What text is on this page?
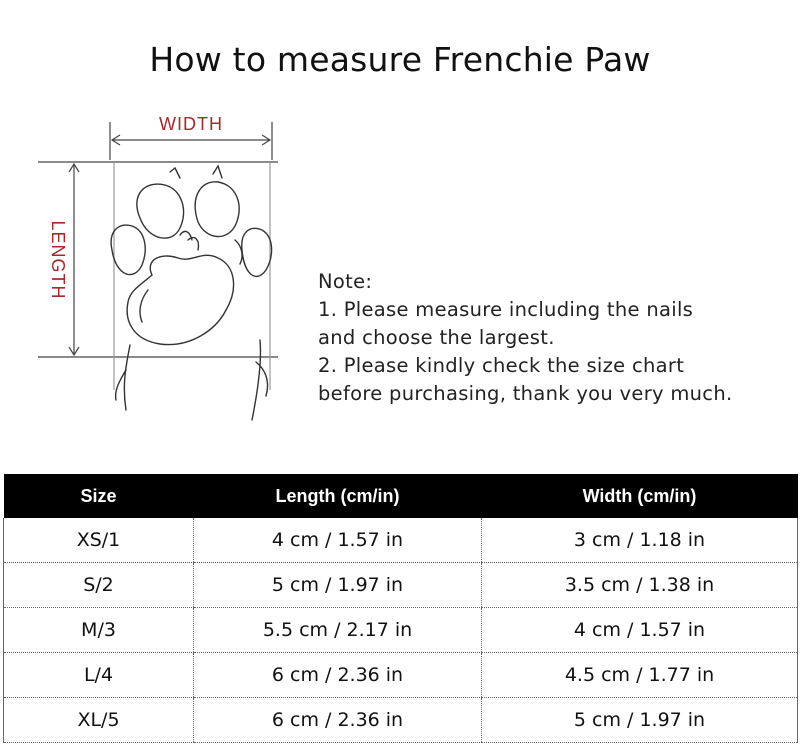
How to measure Frenchie Paw
WIDTH
LENGTH	Note:
1. Please measure including the nails
and choose the largest.
2. Please kindly check the size chart
before purchasing, thank you very much.
Size	Length (cm/in)	Width (cm/in)
XS/1	4 cm / 1.57 in	3 cm / 1.18 in
S/2	5 cm / 1.97 in	3.5 cm / 1.38 in
M/3	5.5 cm / 2.17 in	4 cm / 1.57 in
L/4	6 cm / 2.36 in	4.5 cm / 1.77 in
XL/5	6 cm / 2.36 in	5 cm / 1.97 in
